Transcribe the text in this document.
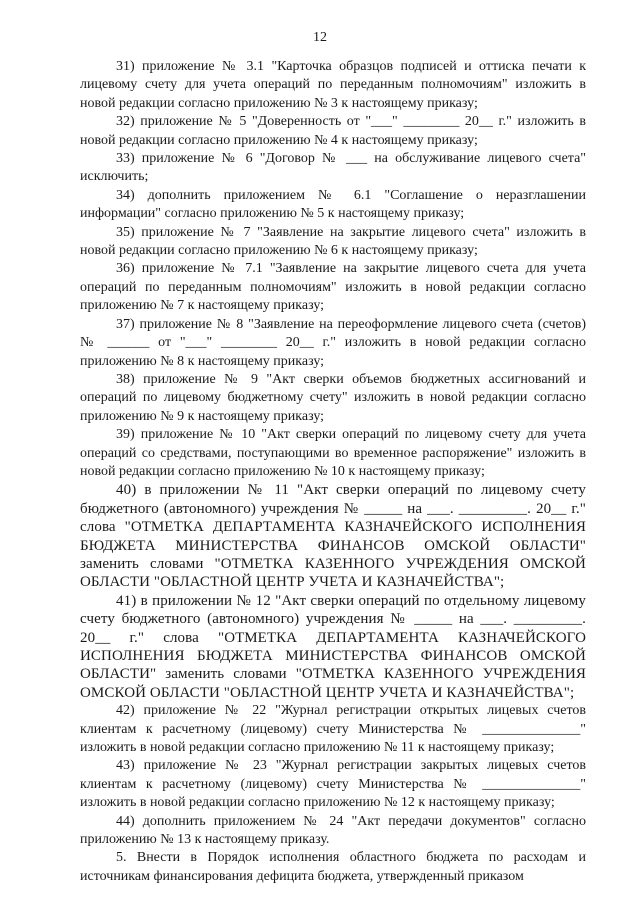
12

31) приложение № 3.1 "Карточка образцов подписей и оттиска печати к лицевому счету для учета операций по переданным полномочиям" изложить в новой редакции согласно приложению № 3 к настоящему приказу;

32) приложение № 5 "Доверенность от "___" ________ 20__ г." изложить в новой редакции согласно приложению № 4 к настоящему приказу;

33) приложение № 6 "Договор № ___ на обслуживание лицевого счета" исключить;

34) дополнить приложением № 6.1 "Соглашение о неразглашении информации" согласно приложению № 5 к настоящему приказу;

35) приложение № 7 "Заявление на закрытие лицевого счета" изложить в новой редакции согласно приложению № 6 к настоящему приказу;

36) приложение № 7.1 "Заявление на закрытие лицевого счета для учета операций по переданным полномочиям" изложить в новой редакции согласно приложению № 7 к настоящему приказу;

37) приложение № 8 "Заявление на переоформление лицевого счета (счетов) № ______ от "___" ________ 20__ г." изложить в новой редакции согласно приложению № 8 к настоящему приказу;

38) приложение № 9 "Акт сверки объемов бюджетных ассигнований и операций по лицевому бюджетному счету" изложить в новой редакции согласно приложению № 9 к настоящему приказу;

39) приложение № 10 "Акт сверки операций по лицевому счету для учета операций со средствами, поступающими во временное распоряжение" изложить в новой редакции согласно приложению № 10 к настоящему приказу;

40) в приложении № 11 "Акт сверки операций по лицевому счету бюджетного (автономного) учреждения № _____ на ___. _________. 20__ г." слова "ОТМЕТКА ДЕПАРТАМЕНТА КАЗНАЧЕЙСКОГО ИСПОЛНЕНИЯ БЮДЖЕТА МИНИСТЕРСТВА ФИНАНСОВ ОМСКОЙ ОБЛАСТИ" заменить словами "ОТМЕТКА КАЗЕННОГО УЧРЕЖДЕНИЯ ОМСКОЙ ОБЛАСТИ "ОБЛАСТНОЙ ЦЕНТР УЧЕТА И КАЗНАЧЕЙСТВА";

41) в приложении № 12 "Акт сверки операций по отдельному лицевому счету бюджетного (автономного) учреждения № _____ на ___. _________. 20__ г." слова "ОТМЕТКА ДЕПАРТАМЕНТА КАЗНАЧЕЙСКОГО ИСПОЛНЕНИЯ БЮДЖЕТА МИНИСТЕРСТВА ФИНАНСОВ ОМСКОЙ ОБЛАСТИ" заменить словами "ОТМЕТКА КАЗЕННОГО УЧРЕЖДЕНИЯ ОМСКОЙ ОБЛАСТИ "ОБЛАСТНОЙ ЦЕНТР УЧЕТА И КАЗНАЧЕЙСТВА";

42) приложение № 22 "Журнал регистрации открытых лицевых счетов клиентам к расчетному (лицевому) счету Министерства № ______________" изложить в новой редакции согласно приложению № 11 к настоящему приказу;

43) приложение № 23 "Журнал регистрации закрытых лицевых счетов клиентам к расчетному (лицевому) счету Министерства № ______________" изложить в новой редакции согласно приложению № 12 к настоящему приказу;

44) дополнить приложением № 24 "Акт передачи документов" согласно приложению № 13 к настоящему приказу.

5. Внести в Порядок исполнения областного бюджета по расходам и источникам финансирования дефицита бюджета, утвержденный приказом
